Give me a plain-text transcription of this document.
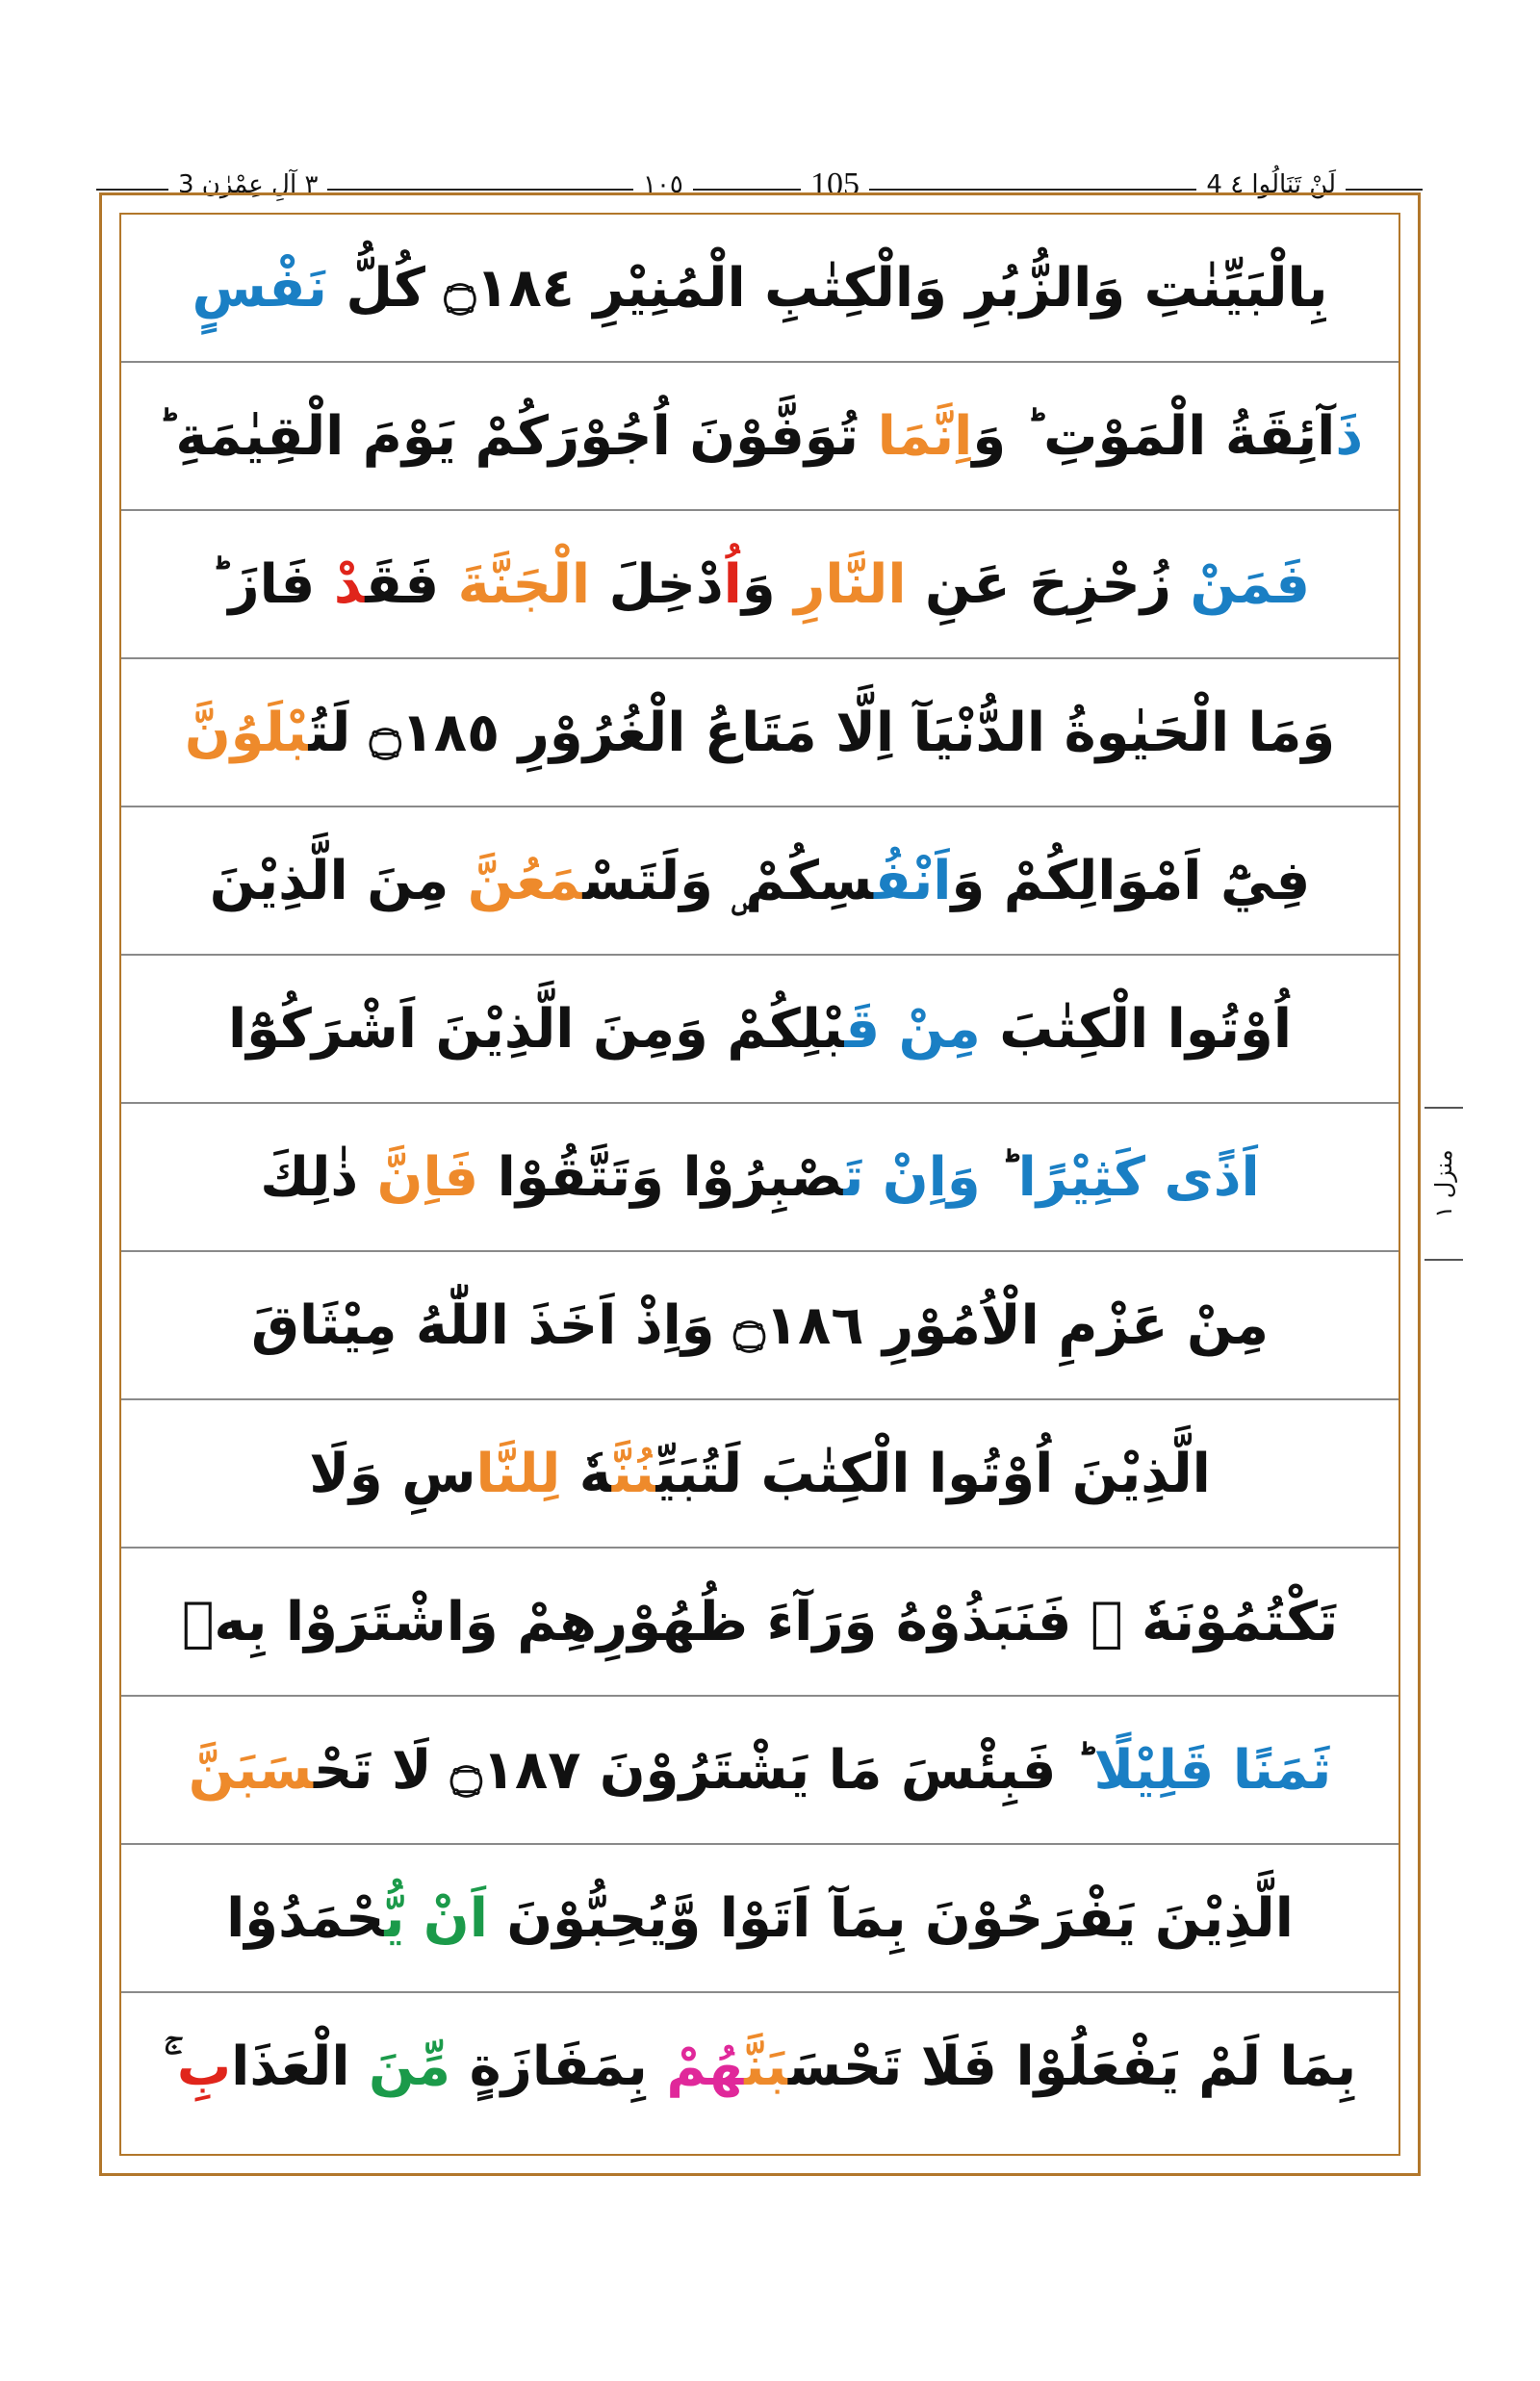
٣ آلِ عِمْرٰن 3	١٠٥	105	لَنْ تَنَالُوا ٤ 4
بِالْبَيِّنٰتِ وَالزُّبُرِ وَالْكِتٰبِ الْمُنِيْرِ ۝١٨٤ كُلُّ نَفْسٍ
ذَآئِقَةُ الْمَوْتِ ؕ وَاِنَّمَا تُوَفَّوْنَ اُجُوْرَكُمْ يَوْمَ الْقِيٰمَةِ ؕ
فَمَنْ زُحْزِحَ عَنِ النَّارِ وَاُدْخِلَ الْجَنَّةَ فَقَدْ فَازَ ؕ
وَمَا الْحَيٰوةُ الدُّنْيَآ اِلَّا مَتَاعُ الْغُرُوْرِ ۝١٨٥ لَتُبْلَوُنَّ
فِيْٓ اَمْوَالِكُمْ وَاَنْفُسِكُمْ ۣ وَلَتَسْمَعُنَّ مِنَ الَّذِيْنَ
اُوْتُوا الْكِتٰبَ مِنْ قَبْلِكُمْ وَمِنَ الَّذِيْنَ اَشْرَكُوْٓا
اَذًى كَثِيْرًا ؕ وَاِنْ تَصْبِرُوْا وَتَتَّقُوْا فَاِنَّ ذٰلِكَ
مِنْ عَزْمِ الْاُمُوْرِ ۝١٨٦ وَاِذْ اَخَذَ اللّٰهُ مِيْثَاقَ
الَّذِيْنَ اُوْتُوا الْكِتٰبَ لَتُبَيِّنُنَّهٗ لِلنَّاسِ وَلَا
تَكْتُمُوْنَهٗ ۫ فَنَبَذُوْهُ وَرَآءَ ظُهُوْرِهِمْ وَاشْتَرَوْا بِهٖ
ثَمَنًا قَلِيْلًا ؕ فَبِئْسَ مَا يَشْتَرُوْنَ ۝١٨٧ لَا تَحْسَبَنَّ
الَّذِيْنَ يَفْرَحُوْنَ بِمَآ اَتَوْا وَّيُحِبُّوْنَ اَنْ يُّحْمَدُوْا
بِمَا لَمْ يَفْعَلُوْا فَلَا تَحْسَبَنَّهُمْ بِمَفَازَةٍ مِّنَ الْعَذَابِ ۚ
منزل ١
